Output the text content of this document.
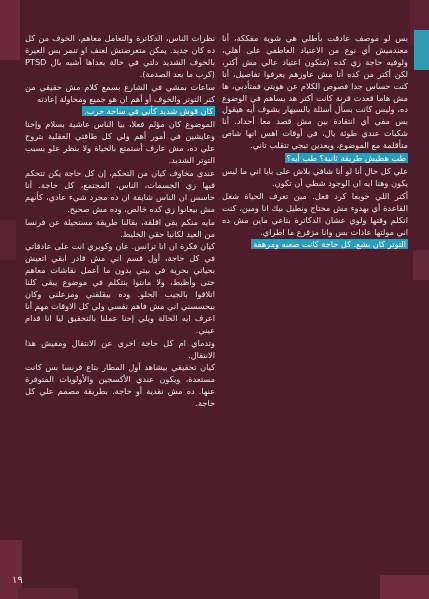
بس لو موصف عادقت بأطلي هي شوية مفككة، أنا معندميش أي نوع من الاعتياد العاطفي على أهلي، ولوفيه حاجة زي كده (متكون اعتياد عالي مش أكتر، لكن أكتر من كده أنا مش عاوزهم يعرفوا تفاصيل، أنا كنت حساس جدا فصوص الكلام عن هويتي فمتأدبي، ها مش هاما قعدت قرنة كانت أكتر هد يساهم في الوضوع ده، وليس كانت بسأل أسئلة بالسيهار بشوف أيه هيقول بس مفي أي انتقادة بين مش قصد معا أحداد. أنا شكبات عندي طوئة بال، في أوقات اهس انها شاص متأقلمة مع الموضوع، ويعدين تيجي تتقلب تاني.

طب هطيش طريقة ثانية؟ طب أيه؟

علي كل حال أنا لو أنا شافي بلاش على بايا اني ما ليس يكون وهنا ايه ان الوجود شطي أن تكون.

أكتر اللي خوبعا كرد فعل. مين تعرف الحياة شغل القاعدة أي بهدوء مش محتاج ونطيل بيك انا ومين، كنت اتكلم وقتها ولوي عشان الدكاترة بتاعي ماين مش ده اني مولتها عادات بس وانا مزقرع ما اطراي.

التوتر كان بشع. كل حاجة كانت صعبه ومرهقة

نظرات الناس، الدكاترة والتعامل معاهم، الخوف من كل ده كان جديد. يمكن متعرضتش لعنف او تنمر بس العيرة بالخوف الشديد دلتي في حالة بعداها أشبه بال PTSD (كرب ما بعد الصدمة).

ساعات بمشي في الشارع بسمع كلام مش حقيقي من كتر التوتر والخوف أو أهم ان هو جميع ومحاولة إعادته

كان قوش شديد كأني في ساحة حرب.

الموضوع كان مؤلم فعلا، بيا الناس عاشية بسلام وإحنا وعايشين في أمور أهم ولي كل طاقتي العقلية بتروح علي ده، مش عارف أستمتع بالحياة ولا بنظر علو بسبب التوتر الشديد.

عندي مخاوف كيان من التحكم، إن كل حاجة يكن تتحكم فيها زي الجسمات، الناس، المجتمع، كل حاجة. أنا حاسس ان الناس شايفة ان ده مجرد شيء عادي، كأنهم مش بيعانوا زي كده خالص، وده مش صحيح.

مايه منكم بقي اقلقة، بقالنا طريقة مستحيلة عن فرنسا من العيد لكانيا حقي الخليط.

كيان فكرة ان انا ترانس. عان وكويري انت على عادقاتي في كل حاجة، أول قسم اني مش قادر ابقي اتعيش بحياتي بحرية في بيتي بدون ما أعمل نقاشات معاهم حتى وأظبط، ولا مانتوا بنتكلم في موضوع يبقى كلنا اتلاقوا بالجيب الحلو. وده بيقلقني ومزعلني وكان بيحسسني اني مش فاهم نفسي ولي كل الاوقات مهم أنا اعرف ايه الحالة ويلي إحنا عملنا بالتحقيق ليا انا قدام عيني.

وتدماي ام كل حاجة اخري عن الانتقال ومفيش هذا الانتقال.

كيان تحقيقي بيشاهد أول المطار بتاع فرنسا بس كانت مستعدة، ويكون عندي الأكسجين والأولويات المتوفرة عنها. ده مش نقدية أو حاجة. بطريقة مصمم علي كل حاجة.

١٩
